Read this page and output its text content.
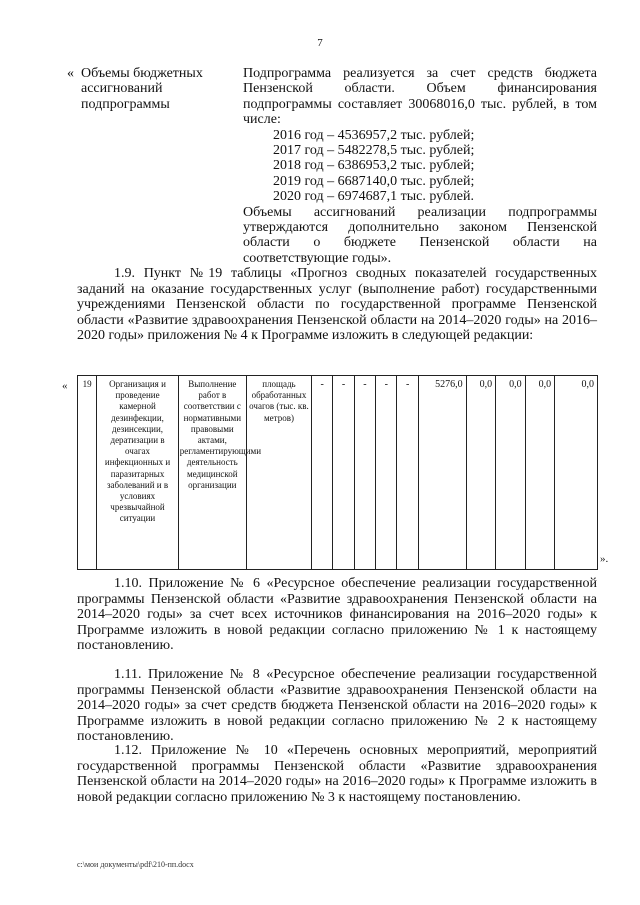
7
« Объемы бюджетных ассигнований подпрограммы
Подпрограмма реализуется за счет средств бюджета Пензенской области. Объем финансирования подпрограммы составляет 30068016,0 тыс. рублей, в том числе:
2016 год – 4536957,2 тыс. рублей;
2017 год – 5482278,5 тыс. рублей;
2018 год – 6386953,2 тыс. рублей;
2019 год – 6687140,0 тыс. рублей;
2020 год – 6974687,1 тыс. рублей.
Объемы ассигнований реализации подпрограммы утверждаются дополнительно законом Пензенской области о бюджете Пензенской области на соответствующие годы».
1.9. Пункт №19 таблицы «Прогноз сводных показателей государственных заданий на оказание государственных услуг (выполнение работ) государственными учреждениями Пензенской области по государственной программе Пензенской области «Развитие здравоохранения Пензенской области на 2014–2020 годы» на 2016–2020 годы» приложения № 4 к Программе изложить в следующей редакции:
« 19	Организация и проведение камерной дезинфекции, дезинсекции, дератизации в очагах инфекционных и паразитарных заболеваний и в условиях чрезвычайной ситуации	Выполнение работ в соответствии с нормативными правовыми актами, регламентирующими деятельность медицинской организации	площадь обработанных очагов (тыс. кв. метров)	-	-	-	-	-	5276,0	0,0	0,0	0,0	0,0
».
1.10. Приложение № 6 «Ресурсное обеспечение реализации государственной программы Пензенской области «Развитие здравоохранения Пензенской области на 2014–2020 годы» за счет всех источников финансирования на 2016–2020 годы» к Программе изложить в новой редакции согласно приложению № 1 к настоящему постановлению.
1.11. Приложение № 8 «Ресурсное обеспечение реализации государственной программы Пензенской области «Развитие здравоохранения Пензенской области на 2014–2020 годы» за счет средств бюджета Пензенской области на 2016–2020 годы» к Программе изложить в новой редакции согласно приложению № 2 к настоящему постановлению.
1.12. Приложение № 10 «Перечень основных мероприятий, мероприятий государственной программы Пензенской области «Развитие здравоохранения Пензенской области на 2014–2020 годы» на 2016–2020 годы» к Программе изложить в новой редакции согласно приложению № 3 к настоящему постановлению.
c:\мои документы\pdf\210-пп.docx
